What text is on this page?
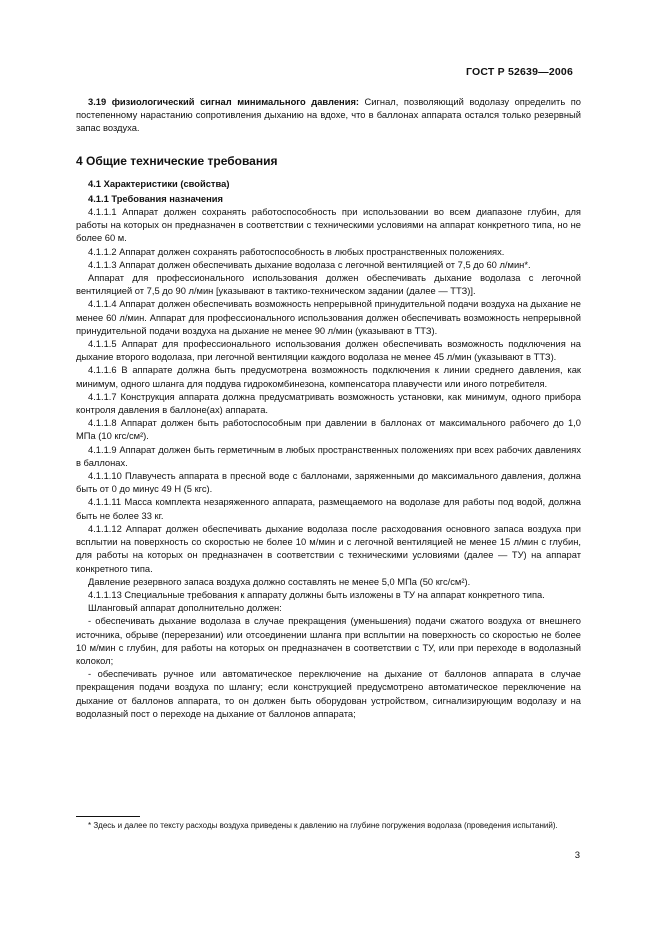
ГОСТ Р 52639—2006

3.19 физиологический сигнал минимального давления: Сигнал, позволяющий водолазу определить по постепенному нарастанию сопротивления дыханию на вдохе, что в баллонах аппарата остался только резервный запас воздуха.

4 Общие технические требования

4.1 Характеристики (свойства)

4.1.1 Требования назначения

4.1.1.1 Аппарат должен сохранять работоспособность при использовании во всем диапазоне глубин, для работы на которых он предназначен в соответствии с техническими условиями на аппарат конкретного типа, но не более 60 м.

4.1.1.2 Аппарат должен сохранять работоспособность в любых пространственных положениях.

4.1.1.3 Аппарат должен обеспечивать дыхание водолаза с легочной вентиляцией от 7,5 до 60 л/мин*.

Аппарат для профессионального использования должен обеспечивать дыхание водолаза с легочной вентиляцией от 7,5 до 90 л/мин [указывают в тактико-техническом задании (далее — ТТЗ)].

4.1.1.4 Аппарат должен обеспечивать возможность непрерывной принудительной подачи воздуха на дыхание не менее 60 л/мин. Аппарат для профессионального использования должен обеспечивать возможность непрерывной принудительной подачи воздуха на дыхание не менее 90 л/мин (указывают в ТТЗ).

4.1.1.5 Аппарат для профессионального использования должен обеспечивать возможность подключения на дыхание второго водолаза, при легочной вентиляции каждого водолаза не менее 45 л/мин (указывают в ТТЗ).

4.1.1.6 В аппарате должна быть предусмотрена возможность подключения к линии среднего давления, как минимум, одного шланга для поддува гидрокомбинезона, компенсатора плавучести или иного потребителя.

4.1.1.7 Конструкция аппарата должна предусматривать возможность установки, как минимум, одного прибора контроля давления в баллоне(ах) аппарата.

4.1.1.8 Аппарат должен быть работоспособным при давлении в баллонах от максимального рабочего до 1,0 МПа (10 кгс/см²).

4.1.1.9 Аппарат должен быть герметичным в любых пространственных положениях при всех рабочих давлениях в баллонах.

4.1.1.10 Плавучесть аппарата в пресной воде с баллонами, заряженными до максимального давления, должна быть от 0 до минус 49 Н (5 кгс).

4.1.1.11 Масса комплекта незаряженного аппарата, размещаемого на водолазе для работы под водой, должна быть не более 33 кг.

4.1.1.12 Аппарат должен обеспечивать дыхание водолаза после расходования основного запаса воздуха при всплытии на поверхность со скоростью не более 10 м/мин и с легочной вентиляцией не менее 15 л/мин с глубин, для работы на которых он предназначен в соответствии с техническими условиями (далее — ТУ) на аппарат конкретного типа.

Давление резервного запаса воздуха должно составлять не менее 5,0 МПа (50 кгс/см²).

4.1.1.13 Специальные требования к аппарату должны быть изложены в ТУ на аппарат конкретного типа.

Шланговый аппарат дополнительно должен:

- обеспечивать дыхание водолаза в случае прекращения (уменьшения) подачи сжатого воздуха от внешнего источника, обрыве (перерезании) или отсоединении шланга при всплытии на поверхность со скоростью не более 10 м/мин с глубин, для работы на которых он предназначен в соответствии с ТУ, или при переходе в водолазный колокол;

- обеспечивать ручное или автоматическое переключение на дыхание от баллонов аппарата в случае прекращения подачи воздуха по шлангу; если конструкцией предусмотрено автоматическое переключение на дыхание от баллонов аппарата, то он должен быть оборудован устройством, сигнализирующим водолазу и на водолазный пост о переходе на дыхание от баллонов аппарата;

* Здесь и далее по тексту расходы воздуха приведены к давлению на глубине погружения водолаза (проведения испытаний).

3
